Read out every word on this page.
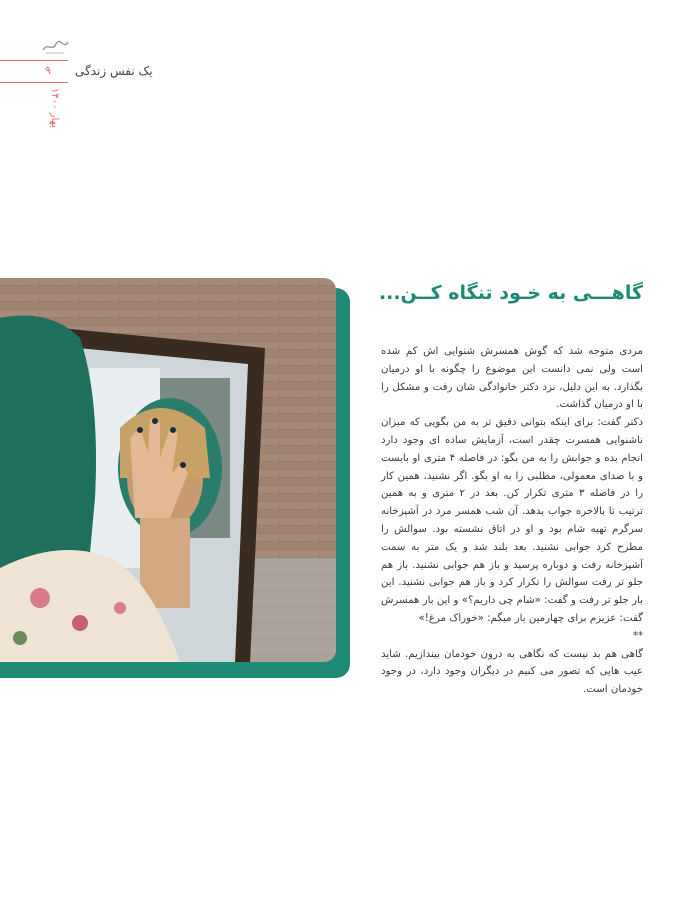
۹ یک نفس زندگی
۱۴۰۰ بهار
گاهـــی به خـود تنگاه کــن...

مردی متوجه شد که گوش همسرش شنوایی اش کم شده است ولی نمی دانست این موضوع را چگونه با او درمیان بگذارد. به این دلیل، نزد دکتر خانوادگی شان رفت و مشکل را با او درمیان گذاشت.

دکتر گفت: برای اینکه بتوانی دقیق تر به من بگویی که میزان ناشنوایی همسرت چقدر است، آزمایش ساده ای وجود دارد انجام بده و جوابش را به من بگو: در فاصله ۴ متری او بایست و با صدای معمولی، مطلبی را به او بگو. اگر نشنید، همین کار را در فاصله ۳ متری تکرار کن. بعد در ۲ متری و به همین ترتیب تا بالاخره جواب بدهد. آن شب همسر مرد در آشپزخانه سرگرم تهیه شام بود و او در اتاق نشسته بود. سوالش را مطرح کرد جوابی نشنید. بعد بلند شد و یک متر به سمت آشپزخانه رفت و دوباره پرسید و باز هم جوابی نشنید. باز هم جلو تر رفت سوالش را تکرار کرد و باز هم جوابی نشنید. این بار جلو تر رفت و گفت: «شام چی داریم؟» و این بار همسرش گفت: عزیزم برای چهارمین بار میگم: «خوراک مرغ!»

**

گاهی هم بد نیست که نگاهی به درون خودمان بیندازیم. شاید عیب هایی که تصور می کنیم در دیگران وجود دارد، در وجود خودمان است.
